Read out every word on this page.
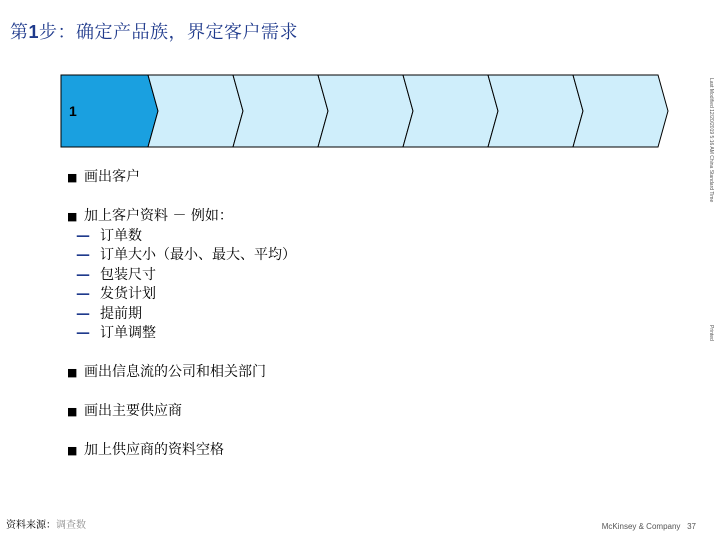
第1步：确定产品族，界定客户需求
1
■ 画出客户
■ 加上客户资料 － 例如：
— 订单数
— 订单大小（最小、最大、平均）
— 包装尺寸
— 发货计划
— 提前期
— 订单调整
■ 画出信息流的公司和相关部门
■ 画出主要供应商
■ 加上供应商的资料空格
Last Modified 12/20/2019 5:16 AM China Standard Time
Printed
资料来源：调查数	McKinsey & Company 37
